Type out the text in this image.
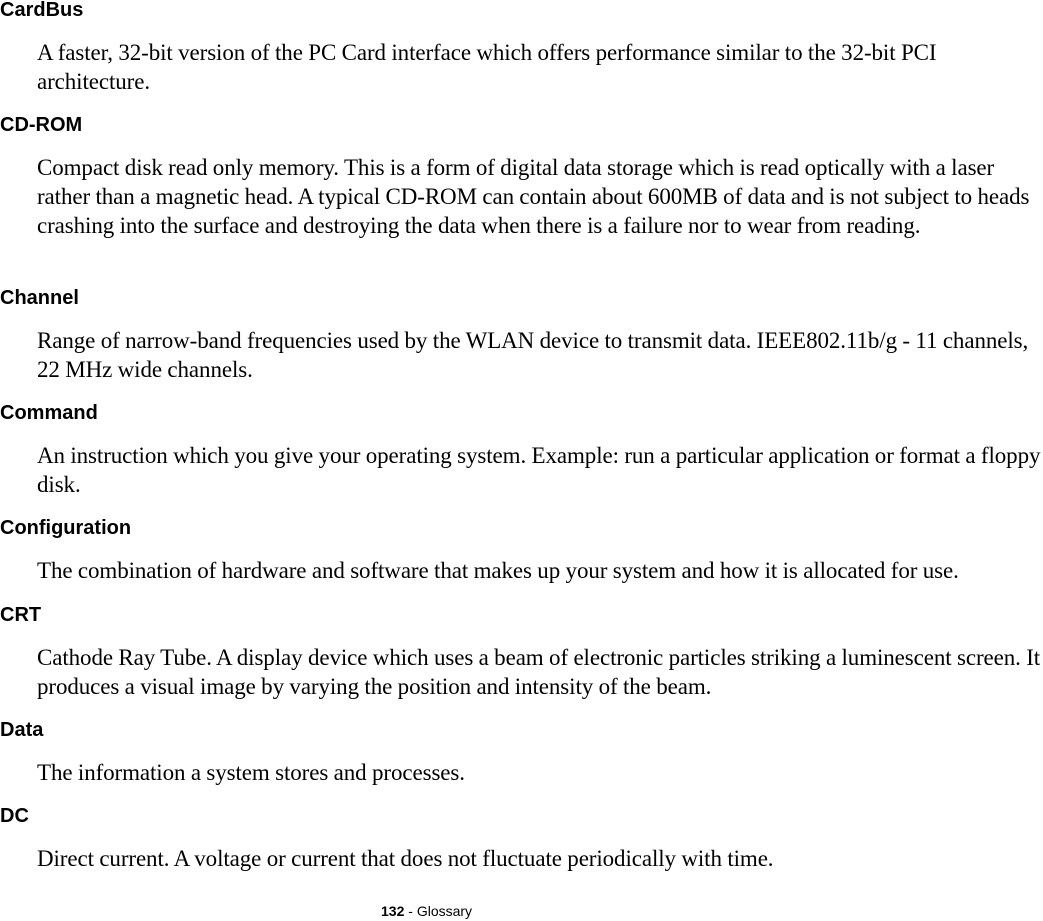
CardBus

A faster, 32-bit version of the PC Card interface which offers performance similar to the 32-bit PCI architecture.

CD-ROM

Compact disk read only memory. This is a form of digital data storage which is read optically with a laser rather than a magnetic head. A typical CD-ROM can contain about 600MB of data and is not subject to heads crashing into the surface and destroying the data when there is a failure nor to wear from reading.

Channel

Range of narrow-band frequencies used by the WLAN device to transmit data. IEEE802.11b/g - 11 channels, 22 MHz wide channels.

Command

An instruction which you give your operating system. Example: run a particular application or format a floppy disk.

Configuration

The combination of hardware and software that makes up your system and how it is allocated for use.

CRT

Cathode Ray Tube. A display device which uses a beam of electronic particles striking a luminescent screen. It produces a visual image by varying the position and intensity of the beam.

Data

The information a system stores and processes.

DC

Direct current. A voltage or current that does not fluctuate periodically with time.

132 - Glossary
